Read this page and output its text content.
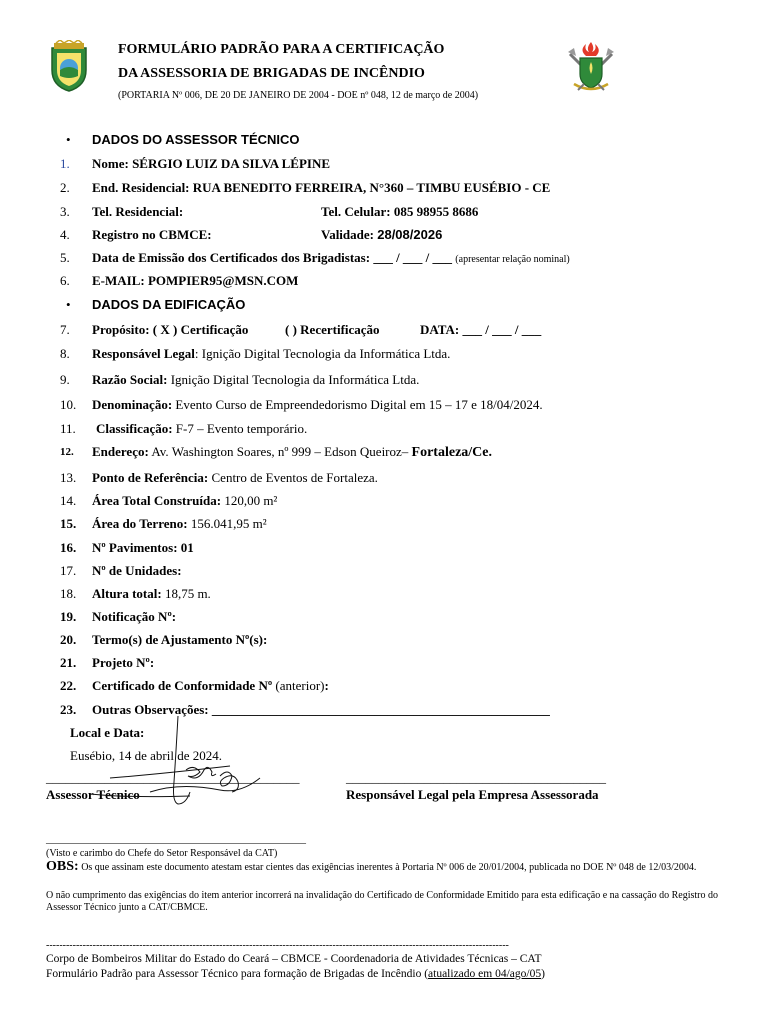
FORMULÁRIO PADRÃO PARA A CERTIFICAÇÃO
DA ASSESSORIA DE BRIGADAS DE INCÊNDIO
(PORTARIA Nº 006, DE 20 DE JANEIRO DE 2004 - DOE nº 048, 12 de março de 2004)
• DADOS DO ASSESSOR TÉCNICO
1.	Nome: SÉRGIO LUIZ DA SILVA LÉPINE
2.	End. Residencial: RUA BENEDITO FERREIRA, N°360 – TIMBU EUSÉBIO - CE
3.	Tel. Residencial:	Tel. Celular: 085 98955 8686
4.	Registro no CBMCE:	Validade: 28/08/2026
5.	Data de Emissão dos Certificados dos Brigadistas: ___ / ___ / ___ (apresentar relação nominal)
6.	E-MAIL: POMPIER95@MSN.COM
• DADOS DA EDIFICAÇÃO
7.	Propósito: ( X ) Certificação	( ) Recertificação	DATA: ___ / ___ / ___
8.	Responsável Legal: Ignição Digital Tecnologia da Informática Ltda.
9.	Razão Social: Ignição Digital Tecnologia da Informática Ltda.
10.	Denominação: Evento Curso de Empreendedorismo Digital em 15 – 17 e 18/04/2024.
11.	Classificação: F-7 – Evento temporário.
12.	Endereço: Av. Washington Soares, nº 999 – Edson Queiroz– Fortaleza/Ce.
13.	Ponto de Referência: Centro de Eventos de Fortaleza.
14.	Área Total Construída: 120,00 m²
15.	Área do Terreno: 156.041,95 m²
16.	Nº Pavimentos: 01
17.	Nº de Unidades:
18.	Altura total: 18,75 m.
19.	Notificação Nº:
20.	Termo(s) de Ajustamento Nº(s):
21.	Projeto Nº:
22.	Certificado de Conformidade Nº (anterior):
23.	Outras Observações: ____________________________________________________
Local e Data:
Eusébio, 14 de abril de 2024.
_______________________________________
Assessor Técnico
________________________________________
Responsável Legal pela Empresa Assessorada
____________________________________________________
(Visto e carimbo do Chefe do Setor Responsável da CAT)
OBS: Os que assinam este documento atestam estar cientes das exigências inerentes à Portaria Nº 006 de 20/01/2004, publicada no DOE Nº 048 de 12/03/2004.
O não cumprimento das exigências do item anterior incorrerá na invalidação do Certificado de Conformidade Emitido para esta edificação e na cassação do Registro do Assessor Técnico junto a CAT/CBMCE.
-------------------------------------------------------------------------------------------------------------------------------------------
Corpo de Bombeiros Militar do Estado do Ceará – CBMCE - Coordenadoria de Atividades Técnicas – CAT
Formulário Padrão para Assessor Técnico para formação de Brigadas de Incêndio (atualizado em 04/ago/05)
